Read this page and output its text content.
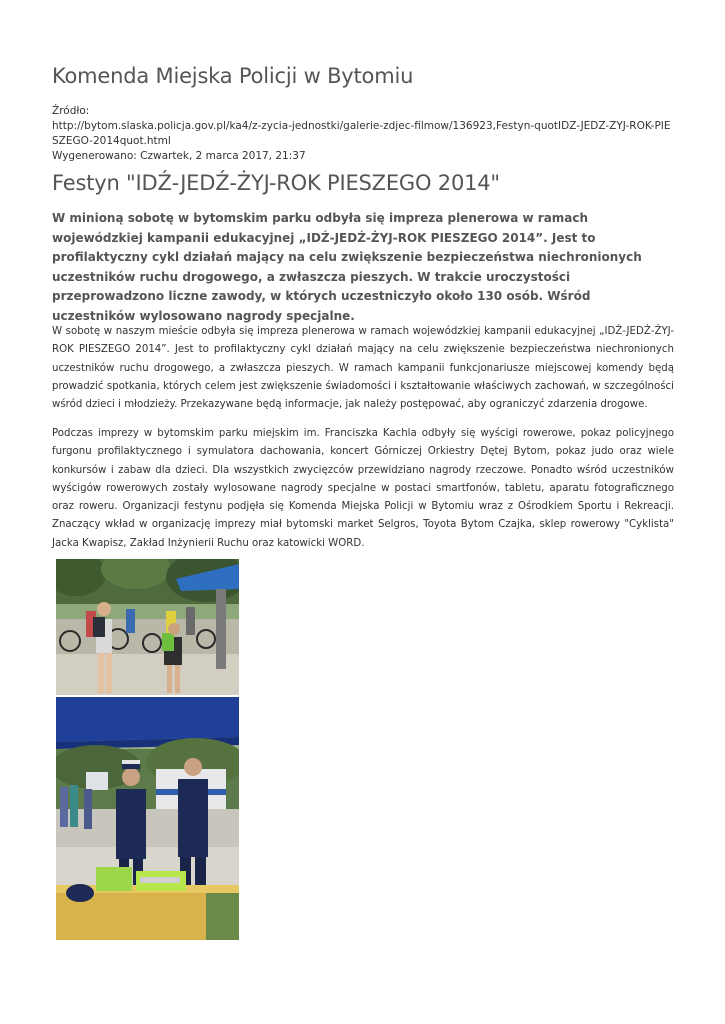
Komenda Miejska Policji w Bytomiu
Źródło:
http://bytom.slaska.policja.gov.pl/ka4/z-zycia-jednostki/galerie-zdjec-filmow/136923,Festyn-quotIDZ-JEDZ-ZYJ-ROK-PIESZEGO-2014quot.html
Wygenerowano: Czwartek, 2 marca 2017, 21:37
Festyn "IDŹ-JEDŹ-ŻYJ-ROK PIESZEGO 2014"

W minioną sobotę w bytomskim parku odbyła się impreza plenerowa w ramach wojewódzkiej kampanii edukacyjnej „IDŹ-JEDŹ-ŻYJ-ROK PIESZEGO 2014”. Jest to profilaktyczny cykl działań mający na celu zwiększenie bezpieczeństwa niechronionych uczestników ruchu drogowego, a zwłaszcza pieszych. W trakcie uroczystości przeprowadzono liczne zawody, w których uczestniczyło około 130 osób. Wśród uczestników wylosowano nagrody specjalne.

W sobotę w naszym mieście odbyła się impreza plenerowa w ramach wojewódzkiej kampanii edukacyjnej „IDŹ-JEDŹ-ŻYJ-ROK PIESZEGO 2014”. Jest to profilaktyczny cykl działań mający na celu zwiększenie bezpieczeństwa niechronionych uczestników ruchu drogowego, a zwłaszcza pieszych. W ramach kampanii funkcjonariusze miejscowej komendy będą prowadzić spotkania, których celem jest zwiększenie świadomości i kształtowanie właściwych zachowań, w szczególności wśród dzieci i młodzieży. Przekazywane będą informacje, jak należy postępować, aby ograniczyć zdarzenia drogowe.

Podczas imprezy w bytomskim parku miejskim im. Franciszka Kachla odbyły się wyścigi rowerowe, pokaz policyjnego furgonu profilaktycznego i symulatora dachowania, koncert Górniczej Orkiestry Dętej Bytom, pokaz judo oraz wiele konkursów i zabaw dla dzieci. Dla wszystkich zwycięzców przewidziano nagrody rzeczowe. Ponadto wśród uczestników wyścigów rowerowych zostały wylosowane nagrody specjalne w postaci smartfonów, tabletu, aparatu fotograficznego oraz roweru. Organizacji festynu podjęła się Komenda Miejska Policji w Bytomiu wraz z Ośrodkiem Sportu i Rekreacji. Znaczący wkład w organizację imprezy miał bytomski market Selgros, Toyota Bytom Czajka, sklep rowerowy "Cyklista" Jacka Kwapisz, Zakład Inżynierii Ruchu oraz katowicki WORD.
